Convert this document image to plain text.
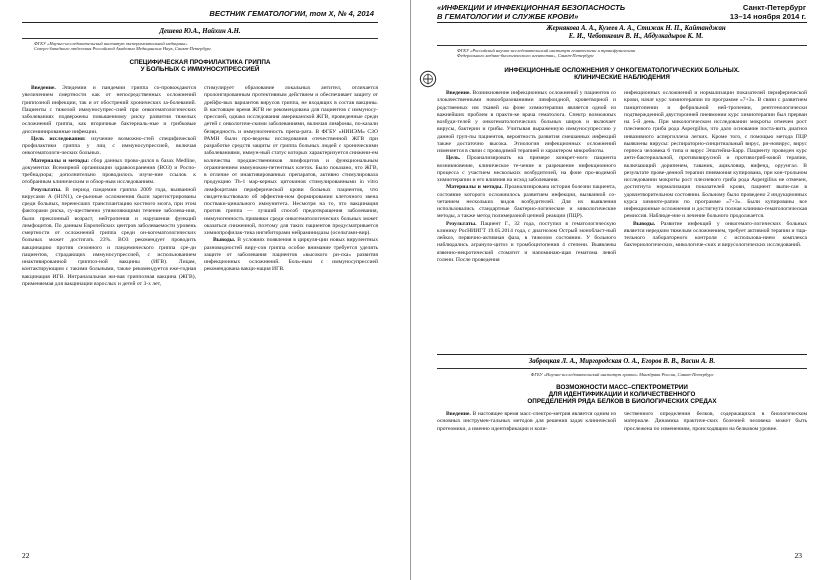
ВЕСТНИК ГЕМАТОЛОГИИ, том X, № 4, 2014
Дешева Ю.А., Найхин А.Н.
ФГБУ «Научно-исследовательский институт экспериментальной медицины»
Северо-Западного отделения Российской Академии Медицинских Наук, Санкт-Петербург
СПЕЦИФИЧЕСКАЯ ПРОФИЛАКТИКА ГРИППА
У БОЛЬНЫХ С ИММУНОСУПРЕССИЕЙ

Введение. Эпидемии и пандемии гриппа со-провождаются увеличением смертности как от непосредственных осложнений гриппозной инфекции, так и от обострений хронических за-болеваний. Пациенты с тяжелой иммуносупрес-сией при онкогематологических заболеваниях подвержены повышенному риску развития тяжелых осложнений гриппа, как вторичные бактериаль-ные и грибковые диссеминированные инфекции.

Цель исследования: изучение возможно-стей специфической профилактики гриппа у лиц с иммуносупрессией, включая онкогематологи-ческих больных.

Материалы и методы: сбор данных прово-дился в базах Medline, документах Всемирной организации здравоохранения (ВОЗ) и Роспо-требнадзора; дополнительно проводилось изуче-ние ссылок к отобранным клиническим и обзор-ным исследованиям.

Результаты. В период пандемии гриппа 2009 года, вызванной вирусами A (H1N1), се-рьезные осложнения были зарегистрированы среди больных, перенесших трансплантацию костного мозга, при этом факторами риска, су-щественно утяжеляющими течение заболева-ния, были преклонный возраст, нейтропения и нарушения функций лимфоцитов. По данным Европейских центров заболеваемости уровень смертности от осложнений гриппа среди он-когематологических больных может достигать 23%. ВОЗ рекомендует проводить вакцинацию против сезонного и пандемического гриппа сре-ди пациентов, страдающих иммуносупрессией, с использованием инактивированной гриппоз-ной вакцины (ИГВ). Лицам, контактирующим с такими больными, также рекомендуется еже-годная вакцинация ИГВ. Интраназальная жи-вая гриппозная вакцина (ЖГВ), применяемая для вакцинации взрослых и детей от 3-х лет,

стимулирует образование локальных антител, отличается пролонгированным протективным действием и обеспечивает защиту от дрейфо-вых вариантов вирусов гриппа, не входящих в состав вакцины. В настоящее время ЖГВ не рекомендована для пациентов с иммуносу-прессией, однако исследования американской ЖГВ, проведенные среди детей с онкологиче-скими заболеваниями, включая лимфомы, по-казали безвредность и иммуногенность препа-рата. В ФГБУ «НИИЭМ» СЗО РАМН были про-ведены исследования отечественной ЖГВ при разработке средств защиты от гриппа больных людей с хроническими заболеваниями, иммун-ный статус которых характеризуется снижени-ем количества предшественников лимфоцитов и функциональным ограничением иммуноком-петентных клеток. Было показано, что ЖГВ, в отличие от инактивированных препаратов, активно стимулировала продукцию Th-1 мар-керных цитокинов стимулированными in vitro лимфоцитами периферической крови больных пациентов, что свидетельствовало об эффектив-ном формировании клеточного звена постваки-цинального иммунитета. Несмотря на то, что вакцинация против гриппа — лучший способ предотвращения заболевания, иммуногенность прививки среди онкогематологических больных может оказаться сниженной, поэтому для таких пациентов предусматривается химиопрофилак-тика ингибиторами нейраминидазы (осельтами-вир).

Выводы. В условиях появления в циркуля-ции новых вирулентных разновидностей виру-сов гриппа особое внимание требуется уделять защите от заболевания пациентов «высокого ри-ска» развития инфекционных осложнений. Боль-ным с иммуносупрессией рекомендована вакци-нация ИГВ.

22
«ИНФЕКЦИИ И ИНФЕКЦИОННАЯ БЕЗОПАСНОСТЬ
В ГЕМАТОЛОГИИ И СЛУЖБЕ КРОВИ»
Санкт-Петербург
13–14 ноября 2014 г.
Жернякова А. А., Кузеев А. А., Стижак Н. П., Кайтанджан
Е. И., Чеботкевич В. Н., Абдулкадыров К. М.
ФГБУ «Российский научно-исследовательский институт гематологии и трансфузиологии
Федерального медико-биологического агентства», Санкт-Петербург
ИНФЕКЦИОННЫЕ ОСЛОЖНЕНИЯ У ОНКОГЕМАТОЛОГИЧЕСКИХ БОЛЬНЫХ.
КЛИНИЧЕСКИЕ НАБЛЮДЕНИЯ

Введение. Возникновение инфекционных осложнений у пациентов со злокачественными новообразованиями лимфоидной, кроветворной и родственных им тканей на фоне химиотерапии является одной из важнейших проблем в практи-ке врача гематолога. Спектр возможных возбуди-телей у онкогематологических больных широк и включает вирусы, бактерии и грибы. Учитывая выраженную иммуносупрессию у данной груп-пы пациентов, вероятность развития смешанных инфекций также достаточно высока. Этиология инфекционных осложнений изменяется в связи с проводимой терапией и характером микробиоты.

Цель. Проанализировать на примере конкрет-ного пациента возникновение, клиническое те-чение и разрешение инфекционного процесса с участием нескольких возбудителей, на фоне про-водимой химиотерапии и его влияния на исход заболевания.

Материалы и методы. Проанализирована история болезни пациента, состояние которого осложнилось развитием инфекции, вызванной со-четанием нескольких видов возбудителей. Для их выявления использовались стандартные бактерио-логические и микологические методы, а также метод полимеразной цепной реакции (ПЦР).

Результаты. Пациент Г., 32 года, поступил в гематологическую клинику РосНИИГТ 19.05.2014 года, с диагнозом Острый монобласт-ный лейкоз, первично-активная фаза, в тяжелом состоянии. У больного наблюдались агрануло-цитоз и тромбоцитопения 4 степени. Выявлены язвенно-некротический стоматит и напоминаю-щая гематома левой голени. После проведения

инфекционных осложнений и нормализации показателей периферической крови, начат курс химиотерапии по программе «7+3». В связи с развитием панцитопении и фебрильной ней-тропении, рентгенологически подтвержденной двусторонней пневмонии курс химиотерапии был прерван на 5-й день. При микологическом исследовании мокроты отмечен рост плесневого гриба рода Aspergillus, что дало основание поста-вить диагноз инвазивного аспергиллеза легких. Кроме того, с помощью метода ПЦР выявлены вирусы: респираторно-синцитиальный вирус, ри-новирус, вирус герпеса человека 6 типа и вирус Эпштейна-Барр. Пациенту проведен курс анти-бактериальной, противовирусной и противогриб-ковой терапии, включающий дорипенем, таваник, ацикловир, вифенд, оруунгал. В результате прове-денной терапии пневмония купирована, при кон-трольном исследовании мокроты рост плесневого гриба рода Aspergillus не отмечен, достигнута нормализация показателей крови, пациент выпи-сан в удовлетворительном состоянии. Больному было проведено 2 индукционных курса химиоте-рапии по программе «7+3». Были купированы все инфекционные осложнения и достигнута полная клинико-гематологическая ремиссия. Наблюде-ние и лечение больного продолжается.

Выводы. Развитие инфекций у онкогемато-логических больных является нередким тяжелым осложнением, требует активной терапии и тща-тельного лабораторного контроля с использова-нием комплекса бактериологических, микологиче-ских и вирусологических исследований.

Заброцкая Л. А., Миргородская О. А., Егоров В. В., Васин А. В.
ФГБУ «Научно-исследовательский институт гриппа» Минздрава России, Санкт-Петербург
ВОЗМОЖНОСТИ МАСС–СПЕКТРОМЕТРИИ
ДЛЯ ИДЕНТИФИКАЦИИ И КОЛИЧЕСТВЕННОГО
ОПРЕДЕЛЕНИЯ РЯДА БЕЛКОВ В БИОЛОГИЧЕСКИХ СРЕДАХ

Введение. В настоящее время масс-спектро-метрия является одним из основных инструмен-тальных методов для решения задач клинической протеомики, а именно идентификации и коли-

чественного определения белков, содержащихся в биологическом материале. Динамика практиче-ских болезней человека может быть прослежена по изменениям, происходящим на белковом уровне.

23
